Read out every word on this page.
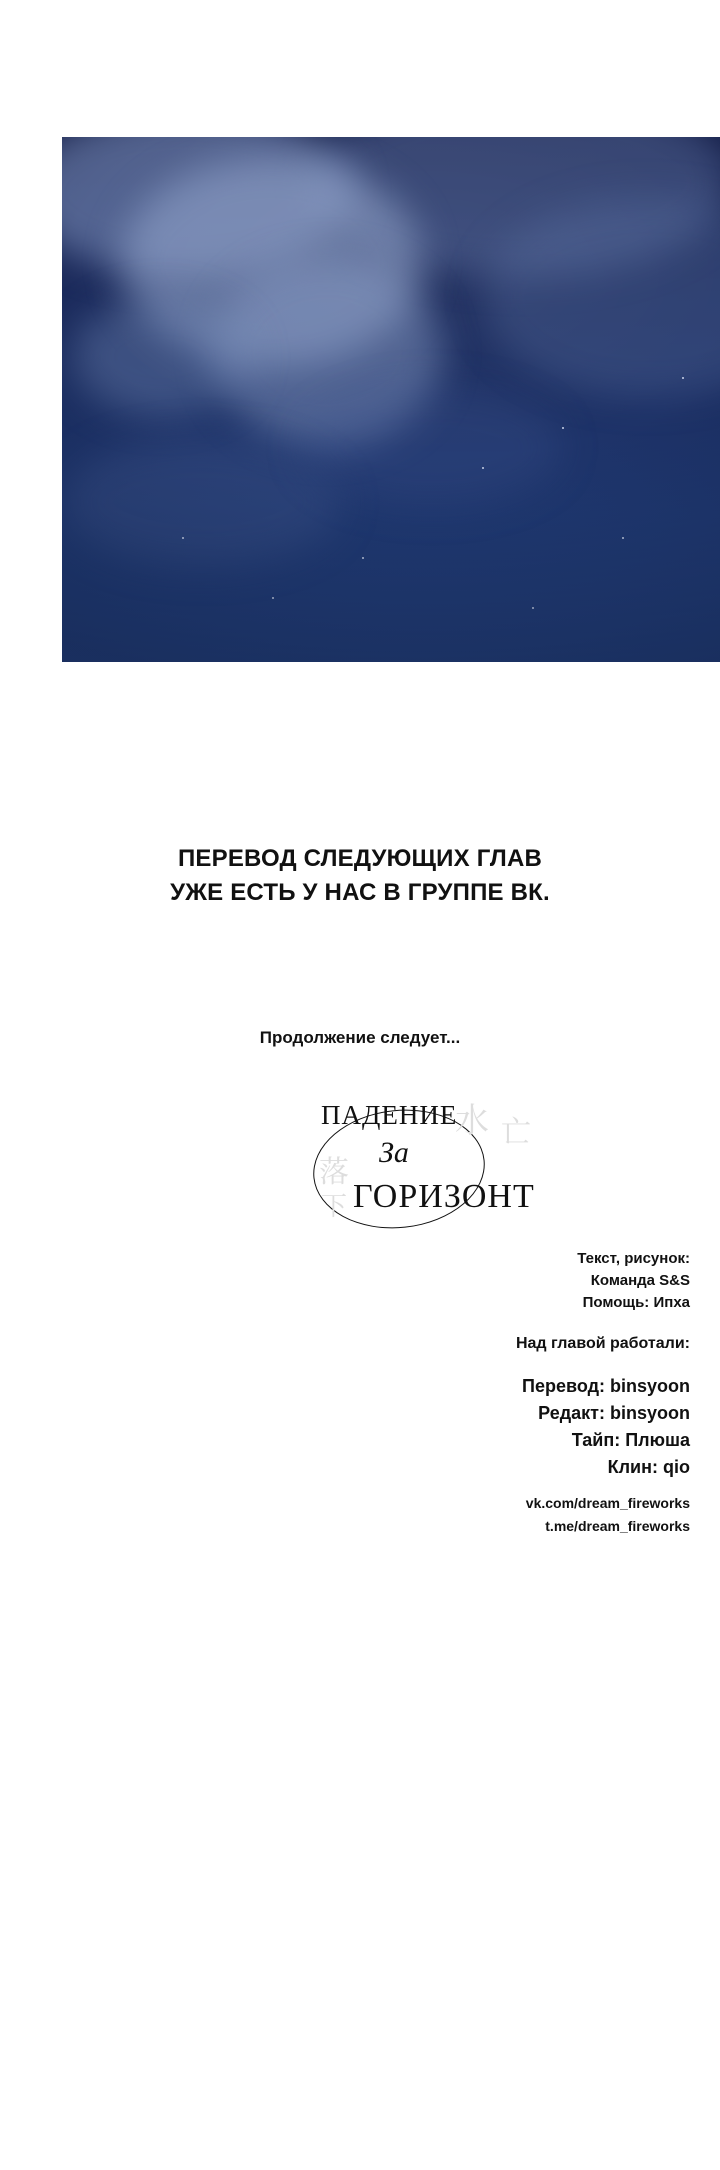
ПЕРЕВОД СЛЕДУЮЩИХ ГЛАВ
УЖЕ ЕСТЬ У НАС В ГРУППЕ ВК.
Продолжение следует...
水 亡
落
下
ПАДЕНИЕ
За
ГОРИЗОНТ
Текст, рисунок:
Команда S&S
Помощь: Ипха
Над главой работали:
Перевод: binsyoon
Редакт: binsyoon
Тайп: Плюша
Клин: qio
vk.com/dream_fireworks
t.me/dream_fireworks
